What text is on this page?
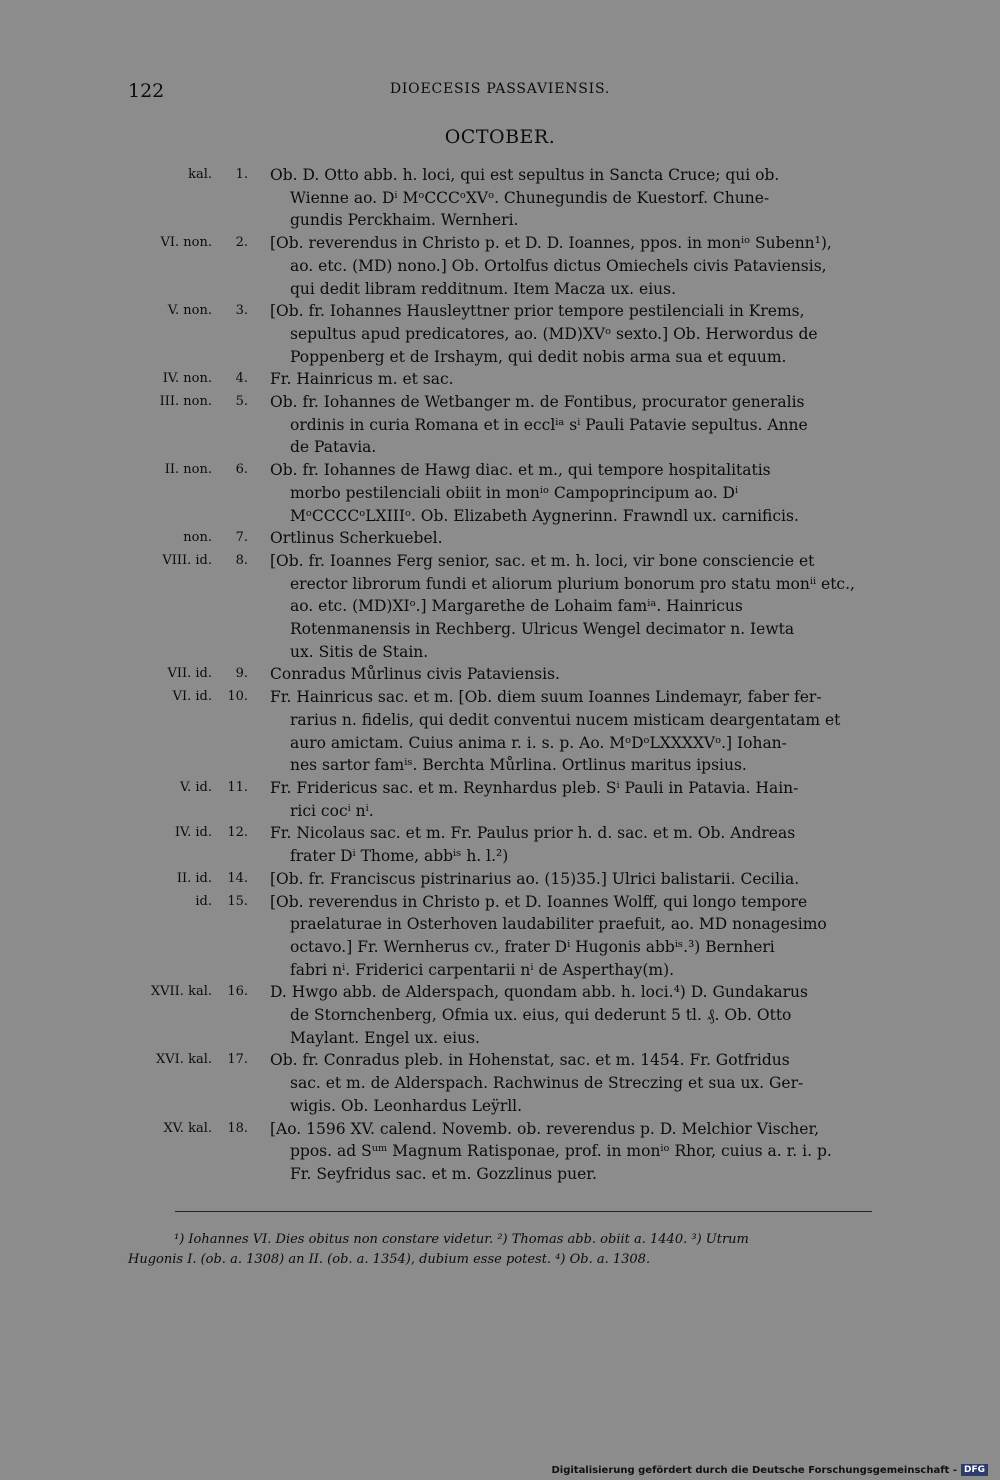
122	DIOECESIS PASSAVIENSIS.
OCTOBER.
kal.	1. Ob. D. Otto abb. h. loci, qui est sepultus in Sancta Cruce; qui ob.
Wienne ao. Dⁱ MᵒCCCᵒXVᵒ. Chunegundis de Kuestorf. Chune-
gundis Perckhaim. Wernheri.
VI. non.	2. [Ob. reverendus in Christo p. et D. D. Ioannes, ppos. in monⁱᵒ Subenn¹),
ao. etc. (MD) nono.] Ob. Ortolfus dictus Omiechels civis Pataviensis,
qui dedit libram redditnum. Item Macza ux. eius.
V. non.	3. [Ob. fr. Iohannes Hausleyttner prior tempore pestilenciali in Krems,
sepultus apud predicatores, ao. (MD)XVᵒ sexto.] Ob. Herwordus de
Poppenberg et de Irshaym, qui dedit nobis arma sua et equum.
IV. non.	4. Fr. Hainricus m. et sac.
III. non.	5. Ob. fr. Iohannes de Wetbanger m. de Fontibus, procurator generalis
ordinis in curia Romana et in ecclⁱᵃ sⁱ Pauli Patavie sepultus. Anne
de Patavia.
II. non.	6. Ob. fr. Iohannes de Hawg diac. et m., qui tempore hospitalitatis
morbo pestilenciali obiit in monⁱᵒ Campoprincipum ao. Dⁱ
MᵒCCCCᵒLXIIIᵒ. Ob. Elizabeth Aygnerinn. Frawndl ux. carnificis.
non.	7. Ortlinus Scherkuebel.
VIII. id.	8. [Ob. fr. Ioannes Ferg senior, sac. et m. h. loci, vir bone consciencie et
erector librorum fundi et aliorum plurium bonorum pro statu monⁱⁱ etc.,
ao. etc. (MD)XIᵒ.] Margarethe de Lohaim famⁱᵃ. Hainricus
Rotenmanensis in Rechberg. Ulricus Wengel decimator n. Iewta
ux. Sitis de Stain.
VII. id.	9. Conradus Můrlinus civis Pataviensis.
VI. id.	10. Fr. Hainricus sac. et m. [Ob. diem suum Ioannes Lindemayr, faber fer-
rarius n. fidelis, qui dedit conventui nucem misticam deargentatam et
auro amictam. Cuius anima r. i. s. p. Ao. MᵒDᵒLXXXXVᵒ.] Iohan-
nes sartor famⁱˢ. Berchta Můrlina. Ortlinus maritus ipsius.
V. id.	11. Fr. Fridericus sac. et m. Reynhardus pleb. Sⁱ Pauli in Patavia. Hain-
rici cocⁱ nⁱ.
IV. id.	12. Fr. Nicolaus sac. et m. Fr. Paulus prior h. d. sac. et m. Ob. Andreas
frater Dⁱ Thome, abbⁱˢ h. l.²)
II. id.	14. [Ob. fr. Franciscus pistrinarius ao. (15)35.] Ulrici balistarii. Cecilia.
id.	15. [Ob. reverendus in Christo p. et D. Ioannes Wolff, qui longo tempore
praelaturae in Osterhoven laudabiliter praefuit, ao. MD nonagesimo
octavo.] Fr. Wernherus cv., frater Dⁱ Hugonis abbⁱˢ.³) Bernheri
fabri nⁱ. Friderici carpentarii nⁱ de Asperthay(m).
XVII. kal.	16. D. Hwgo abb. de Alderspach, quondam abb. h. loci.⁴) D. Gundakarus
de Stornchenberg, Ofmia ux. eius, qui dederunt 5 tl. ₰. Ob. Otto
Maylant. Engel ux. eius.
XVI. kal.	17. Ob. fr. Conradus pleb. in Hohenstat, sac. et m. 1454. Fr. Gotfridus
sac. et m. de Alderspach. Rachwinus de Streczing et sua ux. Ger-
wigis. Ob. Leonhardus Leÿrll.
XV. kal.	18. [Ao. 1596 XV. calend. Novemb. ob. reverendus p. D. Melchior Vischer,
ppos. ad Sᵘᵐ Magnum Ratisponae, prof. in monⁱᵒ Rhor, cuius a. r. i. p.
Fr. Seyfridus sac. et m. Gozzlinus puer.
¹) Iohannes VI. Dies obitus non constare videtur. ²) Thomas abb. obiit a. 1440. ³) Utrum
Hugonis I. (ob. a. 1308) an II. (ob. a. 1354), dubium esse potest. ⁴) Ob. a. 1308.
Digitalisierung gefördert durch die Deutsche Forschungsgemeinschaft - DFG
